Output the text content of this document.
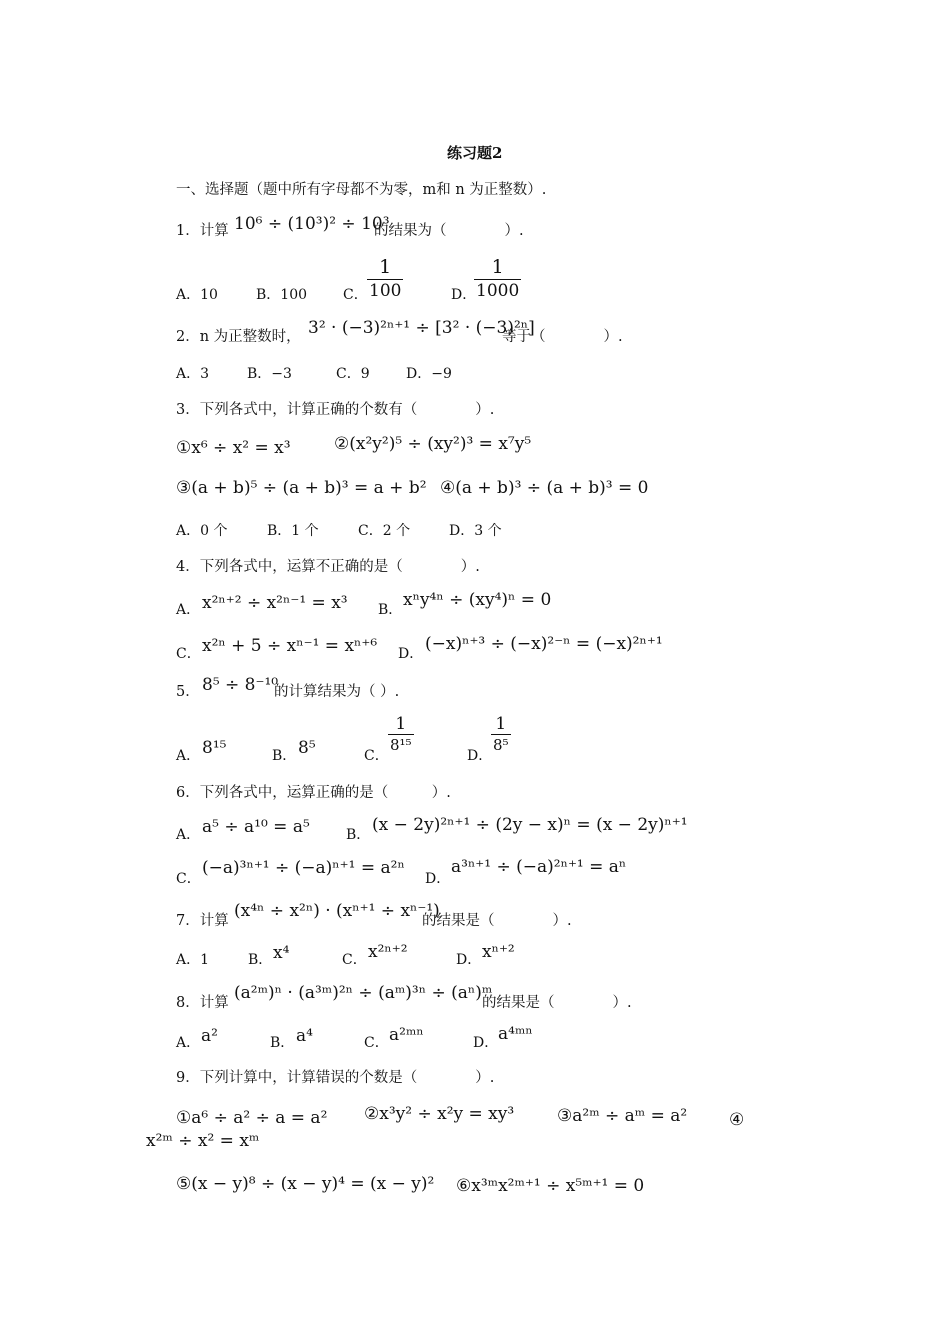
练习题2
一、选择题（题中所有字母都不为零，m和 n 为正整数）.
1．计算 10⁶ ÷ (10³)² ÷ 10³
的结果为（　　　　）.
A．10	B．100	C． $\frac{1}{100}$	D．
$\frac{1}{1000}$
2．n 为正整数时， 3² · (−3)²ⁿ⁺¹ ÷ [3² · (−3)²ⁿ]
等于（　　　　）.
A．3	B．−3	C．9	D．−9
3．下列各式中，计算正确的个数有（　　　　）.
①x⁶ ÷ x² = x³	②(x²y²)⁵ ÷ (xy²)³ = x⁷y⁵
③(a + b)⁵ ÷ (a + b)³ = a + b² ④(a + b)³ ÷ (a + b)³ = 0
A．0 个	B．1 个	C．2 个	D．3 个
4．下列各式中，运算不正确的是（　　　　）.
A． x²ⁿ⁺² ÷ x²ⁿ⁻¹ = x³ B． xⁿy⁴ⁿ ÷ (xy⁴)ⁿ = 0
C． x²ⁿ + 5 ÷ xⁿ⁻¹ = xⁿ⁺⁶ D． (−x)ⁿ⁺³ ÷ (−x)²⁻ⁿ = (−x)²ⁿ⁺¹
5． 8⁵ ÷ 8⁻¹⁰
的计算结果为（ ）.
A． 8¹⁵	B． 8⁵	C．
$\frac{1}{\text{8¹⁵}}$
D．
$\frac{1}{\text{8⁵}}$
6．下列各式中，运算正确的是（　　　）.
A． a⁵ ÷ a¹⁰ = a⁵	B． (x − 2y)²ⁿ⁺¹ ÷ (2y − x)ⁿ = (x − 2y)ⁿ⁺¹
C．
(−a)³ⁿ⁺¹ ÷ (−a)ⁿ⁺¹ = a²ⁿ
D．
a³ⁿ⁺¹ ÷ (−a)²ⁿ⁺¹ = aⁿ
7．计算 (x⁴ⁿ ÷ x²ⁿ) · (xⁿ⁺¹ ÷ xⁿ⁻¹)
的结果是（　　　　）.
A．1	B． x⁴	C． x²ⁿ⁺²	D． xⁿ⁺²
8．计算 (a²ᵐ)ⁿ · (a³ᵐ)²ⁿ ÷ (aᵐ)³ⁿ ÷ (aⁿ)ᵐ
的结果是（　　　　）.
A． a²	B． a⁴	C． a²ᵐⁿ	D． a⁴ᵐⁿ
9．下列计算中，计算错误的个数是（　　　　）.
①a⁶ ÷ a² ÷ a = a² ②x³y² ÷ x²y = xy³	③a²ᵐ ÷ aᵐ = a² ④
x²ᵐ ÷ x² = xᵐ
⑤(x − y)⁸ ÷ (x − y)⁴ = (x − y)² ⑥x³ᵐx²ᵐ⁺¹ ÷ x⁵ᵐ⁺¹ = 0
